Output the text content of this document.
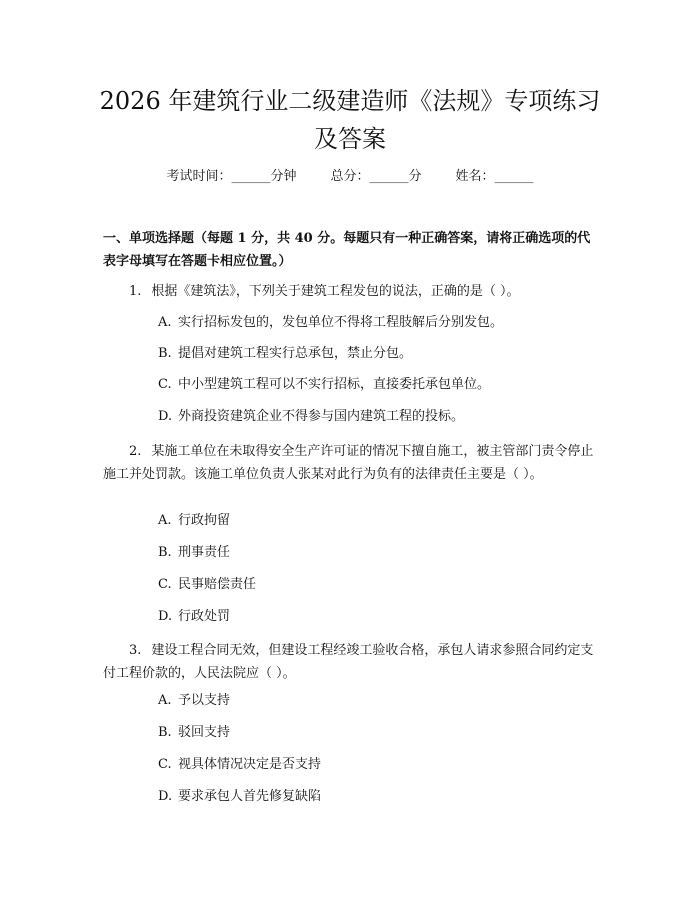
2026 年建筑行业二级建造师《法规》专项练习及答案
考试时间：______分钟	总分：______分	姓名：______

一、单项选择题（每题 1 分，共 40 分。每题只有一种正确答案，请将正确选项的代表字母填写在答题卡相应位置。）

1. 根据《建筑法》，下列关于建筑工程发包的说法，正确的是（ ）。

A. 实行招标发包的，发包单位不得将工程肢解后分别发包。
B. 提倡对建筑工程实行总承包，禁止分包。
C. 中小型建筑工程可以不实行招标，直接委托承包单位。
D. 外商投资建筑企业不得参与国内建筑工程的投标。

2. 某施工单位在未取得安全生产许可证的情况下擅自施工，被主管部门责令停止施工并处罚款。该施工单位负责人张某对此行为负有的法律责任主要是（ ）。

A. 行政拘留
B. 刑事责任
C. 民事赔偿责任
D. 行政处罚

3. 建设工程合同无效，但建设工程经竣工验收合格，承包人请求参照合同约定支付工程价款的，人民法院应（ ）。

A. 予以支持
B. 驳回支持
C. 视具体情况决定是否支持
D. 要求承包人首先修复缺陷
